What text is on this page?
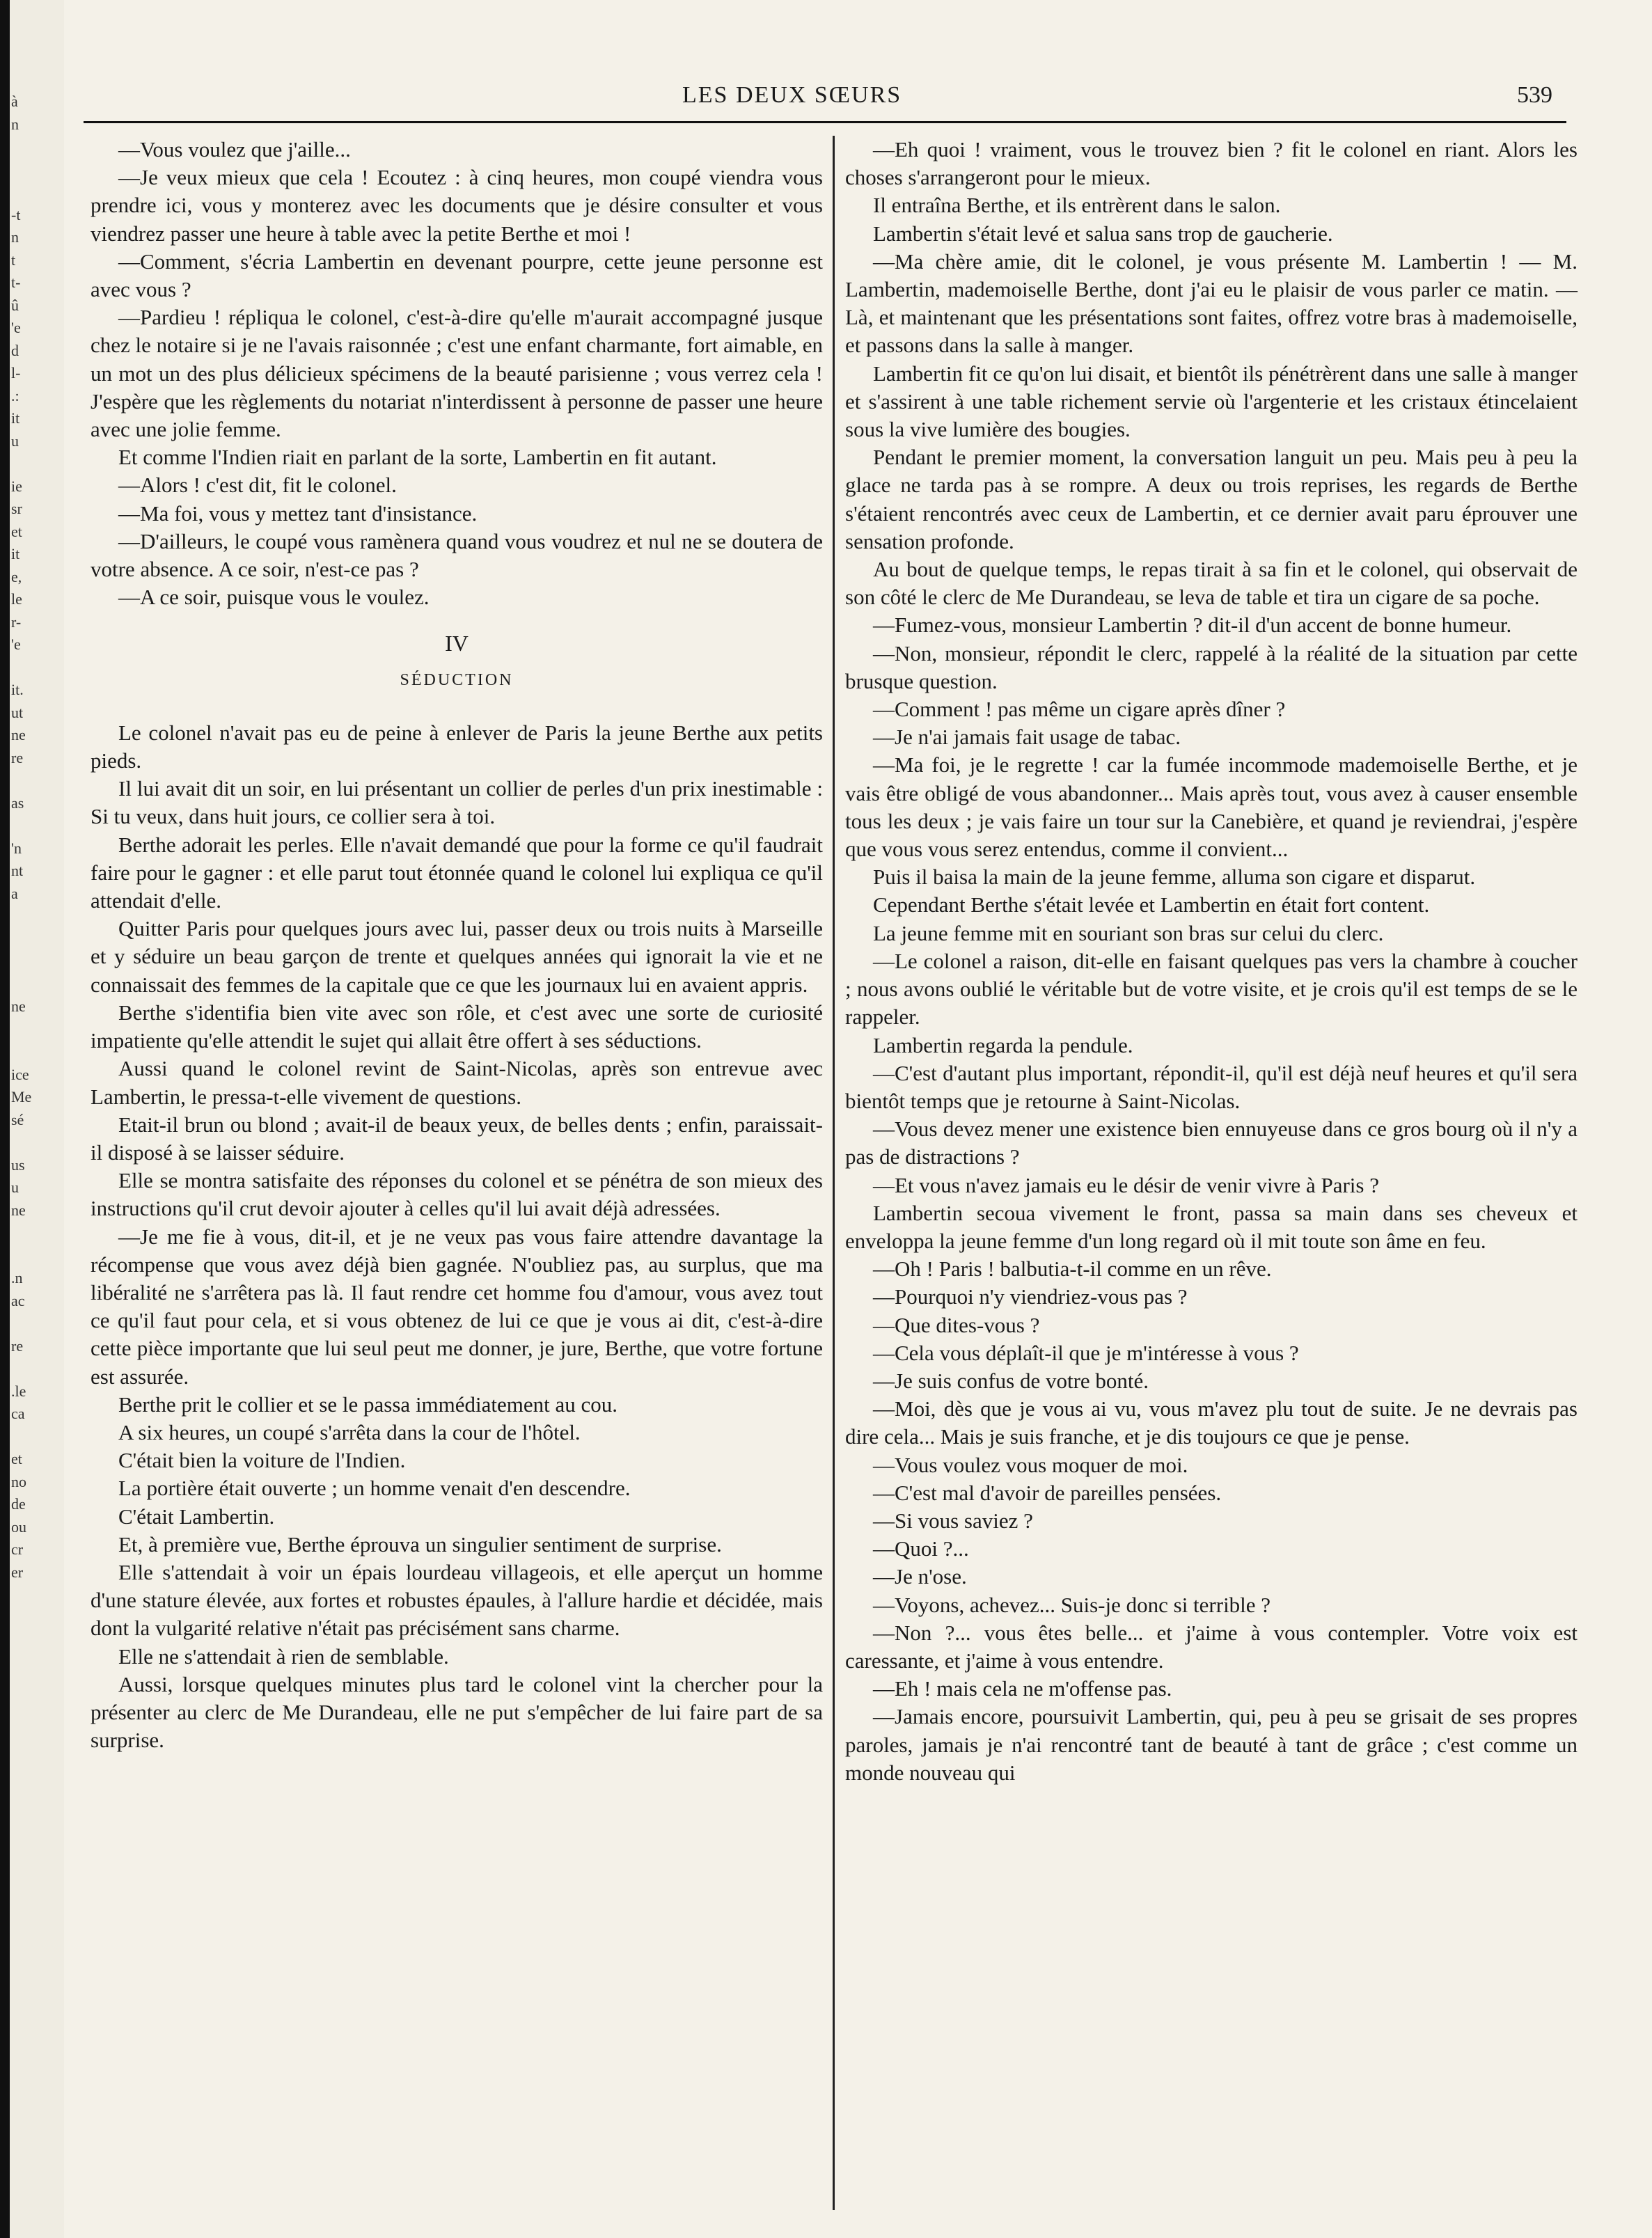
à
n

-t
n
t
t-
û
'e
d
l-
.:
it
u

ie
sr
et
it
e,
le
r-
'e

it.
ut
ne
re

as

'n
nt
a

ne

ice
Me
sé

us
u
ne

.n
ac

re

.le
ca

et
no
de
ou
cr
er
LES DEUX SŒURS	539

—Vous voulez que j'aille...

—Je veux mieux que cela ! Ecoutez : à cinq heures, mon coupé viendra vous prendre ici, vous y monterez avec les documents que je désire consulter et vous viendrez passer une heure à table avec la petite Berthe et moi !

—Comment, s'écria Lambertin en devenant pourpre, cette jeune personne est avec vous ?

—Pardieu ! répliqua le colonel, c'est-à-dire qu'elle m'aurait accompagné jusque chez le notaire si je ne l'avais raisonnée ; c'est une enfant charmante, fort aimable, en un mot un des plus délicieux spécimens de la beauté parisienne ; vous verrez cela ! J'espère que les règlements du notariat n'interdissent à personne de passer une heure avec une jolie femme.

Et comme l'Indien riait en parlant de la sorte, Lambertin en fit autant.

—Alors ! c'est dit, fit le colonel.

—Ma foi, vous y mettez tant d'insistance.

—D'ailleurs, le coupé vous ramènera quand vous voudrez et nul ne se doutera de votre absence. A ce soir, n'est-ce pas ?

—A ce soir, puisque vous le voulez.

IV

SÉDUCTION

Le colonel n'avait pas eu de peine à enlever de Paris la jeune Berthe aux petits pieds.

Il lui avait dit un soir, en lui présentant un collier de perles d'un prix inestimable : Si tu veux, dans huit jours, ce collier sera à toi.

Berthe adorait les perles. Elle n'avait demandé que pour la forme ce qu'il faudrait faire pour le gagner : et elle parut tout étonnée quand le colonel lui expliqua ce qu'il attendait d'elle.

Quitter Paris pour quelques jours avec lui, passer deux ou trois nuits à Marseille et y séduire un beau garçon de trente et quelques années qui ignorait la vie et ne connaissait des femmes de la capitale que ce que les journaux lui en avaient appris.

Berthe s'identifia bien vite avec son rôle, et c'est avec une sorte de curiosité impatiente qu'elle attendit le sujet qui allait être offert à ses séductions.

Aussi quand le colonel revint de Saint-Nicolas, après son entrevue avec Lambertin, le pressa-t-elle vivement de questions.

Etait-il brun ou blond ; avait-il de beaux yeux, de belles dents ; enfin, paraissait-il disposé à se laisser séduire.

Elle se montra satisfaite des réponses du colonel et se pénétra de son mieux des instructions qu'il crut devoir ajouter à celles qu'il lui avait déjà adressées.

—Je me fie à vous, dit-il, et je ne veux pas vous faire attendre davantage la récompense que vous avez déjà bien gagnée. N'oubliez pas, au surplus, que ma libéralité ne s'arrêtera pas là. Il faut rendre cet homme fou d'amour, vous avez tout ce qu'il faut pour cela, et si vous obtenez de lui ce que je vous ai dit, c'est-à-dire cette pièce importante que lui seul peut me donner, je jure, Berthe, que votre fortune est assurée.

Berthe prit le collier et se le passa immédiatement au cou.

A six heures, un coupé s'arrêta dans la cour de l'hôtel.

C'était bien la voiture de l'Indien.

La portière était ouverte ; un homme venait d'en descendre.

C'était Lambertin.

Et, à première vue, Berthe éprouva un singulier sentiment de surprise.

Elle s'attendait à voir un épais lourdeau villageois, et elle aperçut un homme d'une stature élevée, aux fortes et robustes épaules, à l'allure hardie et décidée, mais dont la vulgarité relative n'était pas précisément sans charme.

Elle ne s'attendait à rien de semblable.

Aussi, lorsque quelques minutes plus tard le colonel vint la chercher pour la présenter au clerc de Me Durandeau, elle ne put s'empêcher de lui faire part de sa surprise.

—Eh quoi ! vraiment, vous le trouvez bien ? fit le colonel en riant. Alors les choses s'arrangeront pour le mieux.

Il entraîna Berthe, et ils entrèrent dans le salon.

Lambertin s'était levé et salua sans trop de gaucherie.

—Ma chère amie, dit le colonel, je vous présente M. Lambertin ! — M. Lambertin, mademoiselle Berthe, dont j'ai eu le plaisir de vous parler ce matin. — Là, et maintenant que les présentations sont faites, offrez votre bras à mademoiselle, et passons dans la salle à manger.

Lambertin fit ce qu'on lui disait, et bientôt ils pénétrèrent dans une salle à manger et s'assirent à une table richement servie où l'argenterie et les cristaux étincelaient sous la vive lumière des bougies.

Pendant le premier moment, la conversation languit un peu. Mais peu à peu la glace ne tarda pas à se rompre. A deux ou trois reprises, les regards de Berthe s'étaient rencontrés avec ceux de Lambertin, et ce dernier avait paru éprouver une sensation profonde.

Au bout de quelque temps, le repas tirait à sa fin et le colonel, qui observait de son côté le clerc de Me Durandeau, se leva de table et tira un cigare de sa poche.

—Fumez-vous, monsieur Lambertin ? dit-il d'un accent de bonne humeur.

—Non, monsieur, répondit le clerc, rappelé à la réalité de la situation par cette brusque question.

—Comment ! pas même un cigare après dîner ?

—Je n'ai jamais fait usage de tabac.

—Ma foi, je le regrette ! car la fumée incommode mademoiselle Berthe, et je vais être obligé de vous abandonner... Mais après tout, vous avez à causer ensemble tous les deux ; je vais faire un tour sur la Canebière, et quand je reviendrai, j'espère que vous vous serez entendus, comme il convient...

Puis il baisa la main de la jeune femme, alluma son cigare et disparut.

Cependant Berthe s'était levée et Lambertin en était fort content.

La jeune femme mit en souriant son bras sur celui du clerc.

—Le colonel a raison, dit-elle en faisant quelques pas vers la chambre à coucher ; nous avons oublié le véritable but de votre visite, et je crois qu'il est temps de se le rappeler.

Lambertin regarda la pendule.

—C'est d'autant plus important, répondit-il, qu'il est déjà neuf heures et qu'il sera bientôt temps que je retourne à Saint-Nicolas.

—Vous devez mener une existence bien ennuyeuse dans ce gros bourg où il n'y a pas de distractions ?

—Et vous n'avez jamais eu le désir de venir vivre à Paris ?

Lambertin secoua vivement le front, passa sa main dans ses cheveux et enveloppa la jeune femme d'un long regard où il mit toute son âme en feu.

—Oh ! Paris ! balbutia-t-il comme en un rêve.

—Pourquoi n'y viendriez-vous pas ?

—Que dites-vous ?

—Cela vous déplaît-il que je m'intéresse à vous ?

—Je suis confus de votre bonté.

—Moi, dès que je vous ai vu, vous m'avez plu tout de suite. Je ne devrais pas dire cela... Mais je suis franche, et je dis toujours ce que je pense.

—Vous voulez vous moquer de moi.

—C'est mal d'avoir de pareilles pensées.

—Si vous saviez ?

—Quoi ?...

—Je n'ose.

—Voyons, achevez... Suis-je donc si terrible ?

—Non ?... vous êtes belle... et j'aime à vous contempler. Votre voix est caressante, et j'aime à vous entendre.

—Eh ! mais cela ne m'offense pas.

—Jamais encore, poursuivit Lambertin, qui, peu à peu se grisait de ses propres paroles, jamais je n'ai rencontré tant de beauté à tant de grâce ; c'est comme un monde nouveau qui
